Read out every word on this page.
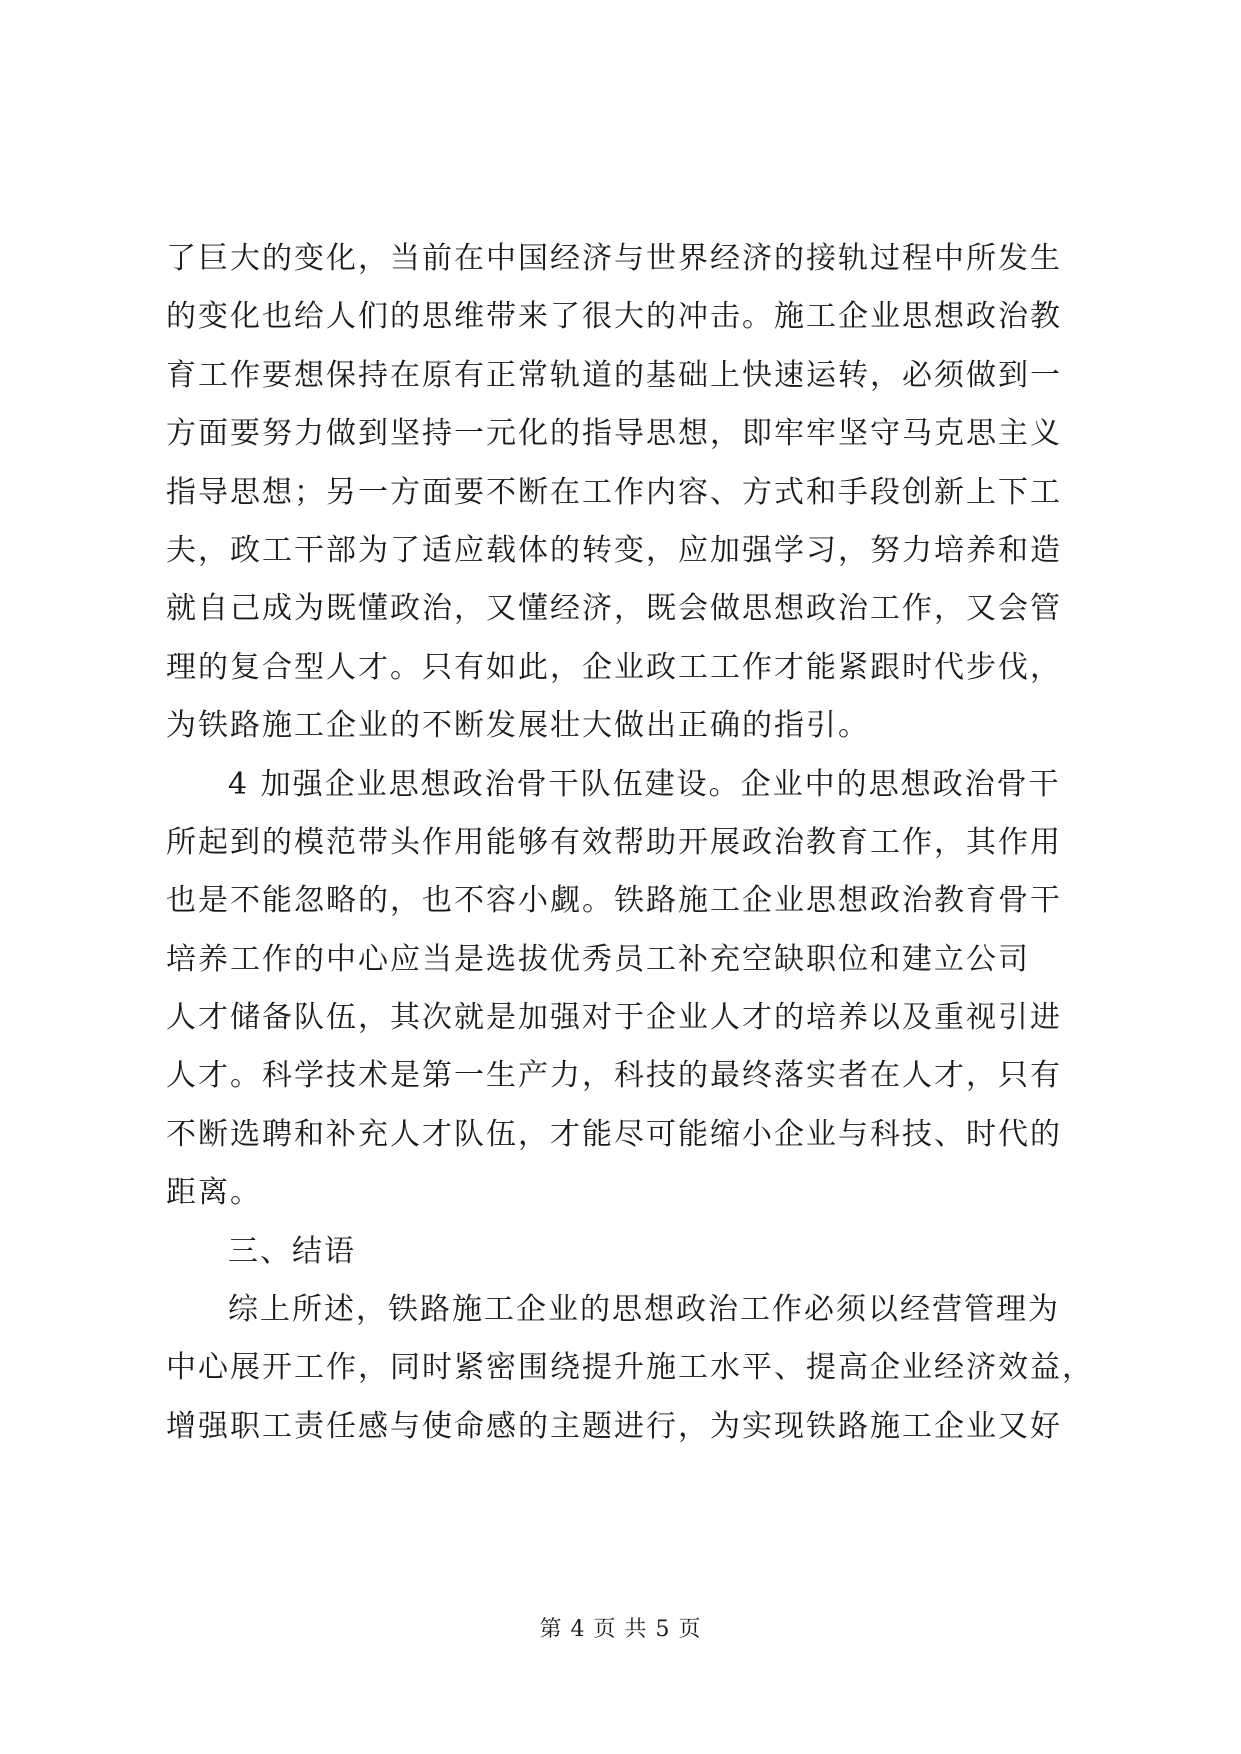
了巨大的变化，当前在中国经济与世界经济的接轨过程中所发生
的变化也给人们的思维带来了很大的冲击。施工企业思想政治教
育工作要想保持在原有正常轨道的基础上快速运转，必须做到一
方面要努力做到坚持一元化的指导思想，即牢牢坚守马克思主义
指导思想；另一方面要不断在工作内容、方式和手段创新上下工
夫，政工干部为了适应载体的转变，应加强学习，努力培养和造
就自己成为既懂政治，又懂经济，既会做思想政治工作，又会管
理的复合型人才。只有如此，企业政工工作才能紧跟时代步伐，
为铁路施工企业的不断发展壮大做出正确的指引。
4 加强企业思想政治骨干队伍建设。企业中的思想政治骨干
所起到的模范带头作用能够有效帮助开展政治教育工作，其作用
也是不能忽略的，也不容小觑。铁路施工企业思想政治教育骨干
培养工作的中心应当是选拔优秀员工补充空缺职位和建立公司
人才储备队伍，其次就是加强对于企业人才的培养以及重视引进
人才。科学技术是第一生产力，科技的最终落实者在人才，只有
不断选聘和补充人才队伍，才能尽可能缩小企业与科技、时代的
距离。
三、结语
综上所述，铁路施工企业的思想政治工作必须以经营管理为
中心展开工作，同时紧密围绕提升施工水平、提高企业经济效益，
增强职工责任感与使命感的主题进行，为实现铁路施工企业又好
第 4 页 共 5 页
